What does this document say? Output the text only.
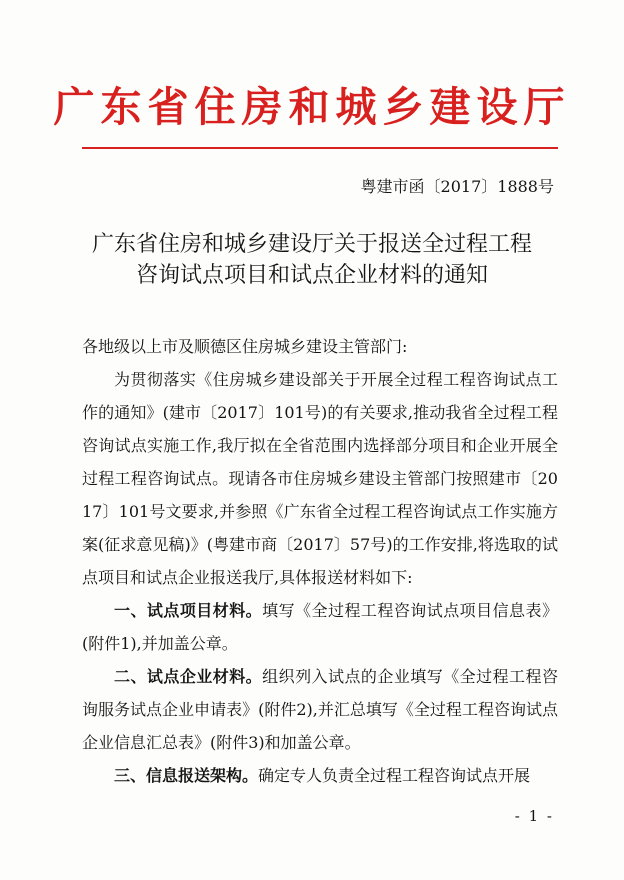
广东省住房和城乡建设厅
粤建市函〔2017〕1888号
广东省住房和城乡建设厅关于报送全过程工程
咨询试点项目和试点企业材料的通知

各地级以上市及顺德区住房城乡建设主管部门:

为贯彻落实《住房城乡建设部关于开展全过程工程咨询试点工作的通知》(建市〔2017〕101号)的有关要求,推动我省全过程工程咨询试点实施工作,我厅拟在全省范围内选择部分项目和企业开展全过程工程咨询试点。现请各市住房城乡建设主管部门按照建市〔2017〕101号文要求,并参照《广东省全过程工程咨询试点工作实施方案(征求意见稿)》(粤建市商〔2017〕57号)的工作安排,将选取的试点项目和试点企业报送我厅,具体报送材料如下:

一、试点项目材料。填写《全过程工程咨询试点项目信息表》(附件1),并加盖公章。

二、试点企业材料。组织列入试点的企业填写《全过程工程咨询服务试点企业申请表》(附件2),并汇总填写《全过程工程咨询试点企业信息汇总表》(附件3)和加盖公章。

三、信息报送架构。确定专人负责全过程工程咨询试点开展

- 1 -
